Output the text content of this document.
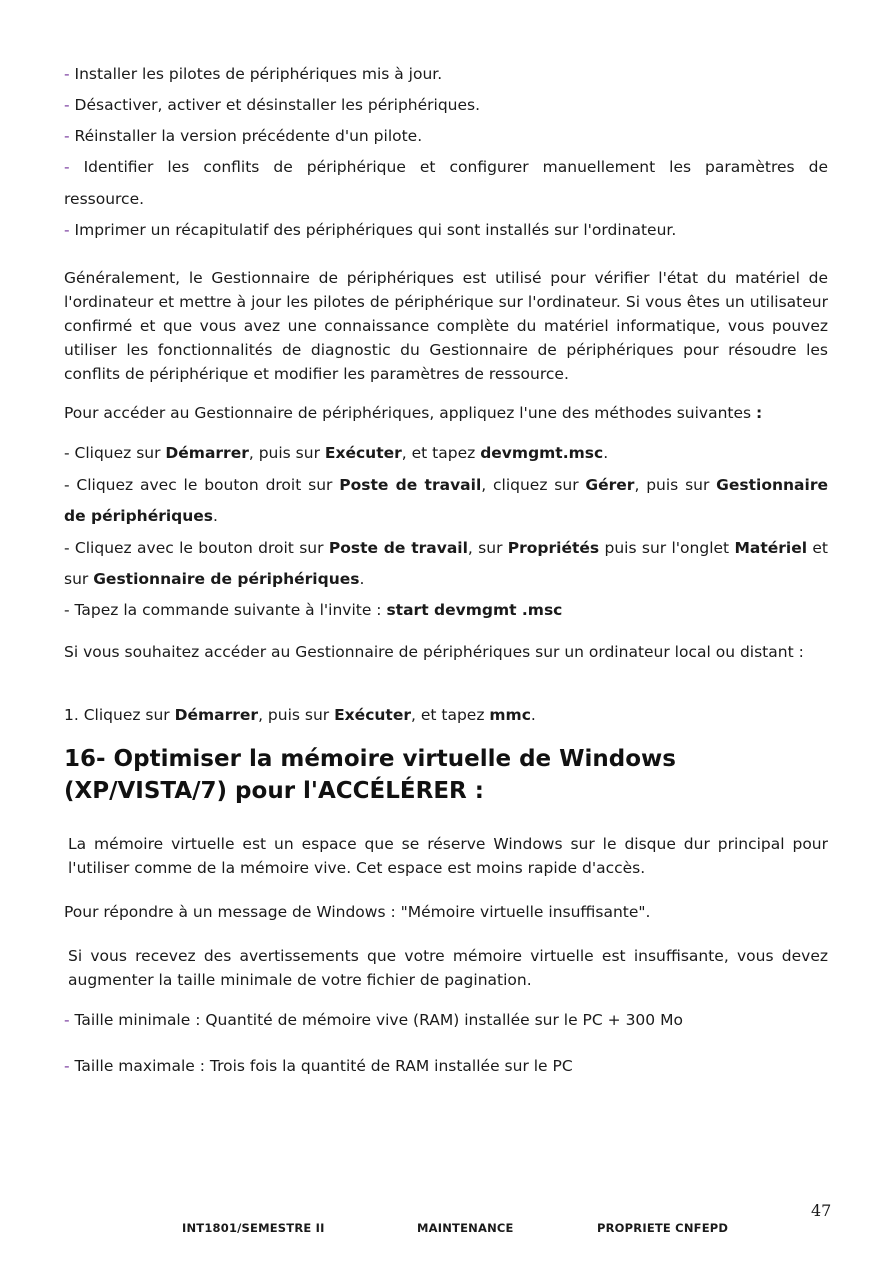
- Installer les pilotes de périphériques mis à jour.
- Désactiver, activer et désinstaller les périphériques.
- Réinstaller la version précédente d'un pilote.
- Identifier les conflits de périphérique et configurer manuellement les paramètres de
ressource.
- Imprimer un récapitulatif des périphériques qui sont installés sur l'ordinateur.
Généralement, le Gestionnaire de périphériques est utilisé pour vérifier l'état du matériel de l'ordinateur et mettre à jour les pilotes de périphérique sur l'ordinateur. Si vous êtes un utilisateur confirmé et que vous avez une connaissance complète du matériel informatique, vous pouvez utiliser les fonctionnalités de diagnostic du Gestionnaire de périphériques pour résoudre les conflits de périphérique et modifier les paramètres de ressource.
Pour accéder au Gestionnaire de périphériques, appliquez l'une des méthodes suivantes :
- Cliquez sur Démarrer, puis sur Exécuter, et tapez devmgmt.msc.
- Cliquez avec le bouton droit sur Poste de travail, cliquez sur Gérer, puis sur Gestionnaire
de périphériques.
- Cliquez avec le bouton droit sur Poste de travail, sur Propriétés puis sur l'onglet Matériel et
sur Gestionnaire de périphériques.
- Tapez la commande suivante à l'invite : start devmgmt .msc
Si vous souhaitez accéder au Gestionnaire de périphériques sur un ordinateur local ou distant :
1. Cliquez sur Démarrer, puis sur Exécuter, et tapez mmc.
16- Optimiser la mémoire virtuelle de Windows (XP/VISTA/7) pour l'ACCÉLÉRER :
La mémoire virtuelle est un espace que se réserve Windows sur le disque dur principal pour l'utiliser comme de la mémoire vive. Cet espace est moins rapide d'accès.
Pour répondre à un message de Windows : "Mémoire virtuelle insuffisante".
Si vous recevez des avertissements que votre mémoire virtuelle est insuffisante, vous devez augmenter la taille minimale de votre fichier de pagination.
- Taille minimale : Quantité de mémoire vive (RAM) installée sur le PC + 300 Mo
- Taille maximale : Trois fois la quantité de RAM installée sur le PC
47
INT1801/SEMESTRE II	MAINTENANCE	PROPRIETE CNFEPD
